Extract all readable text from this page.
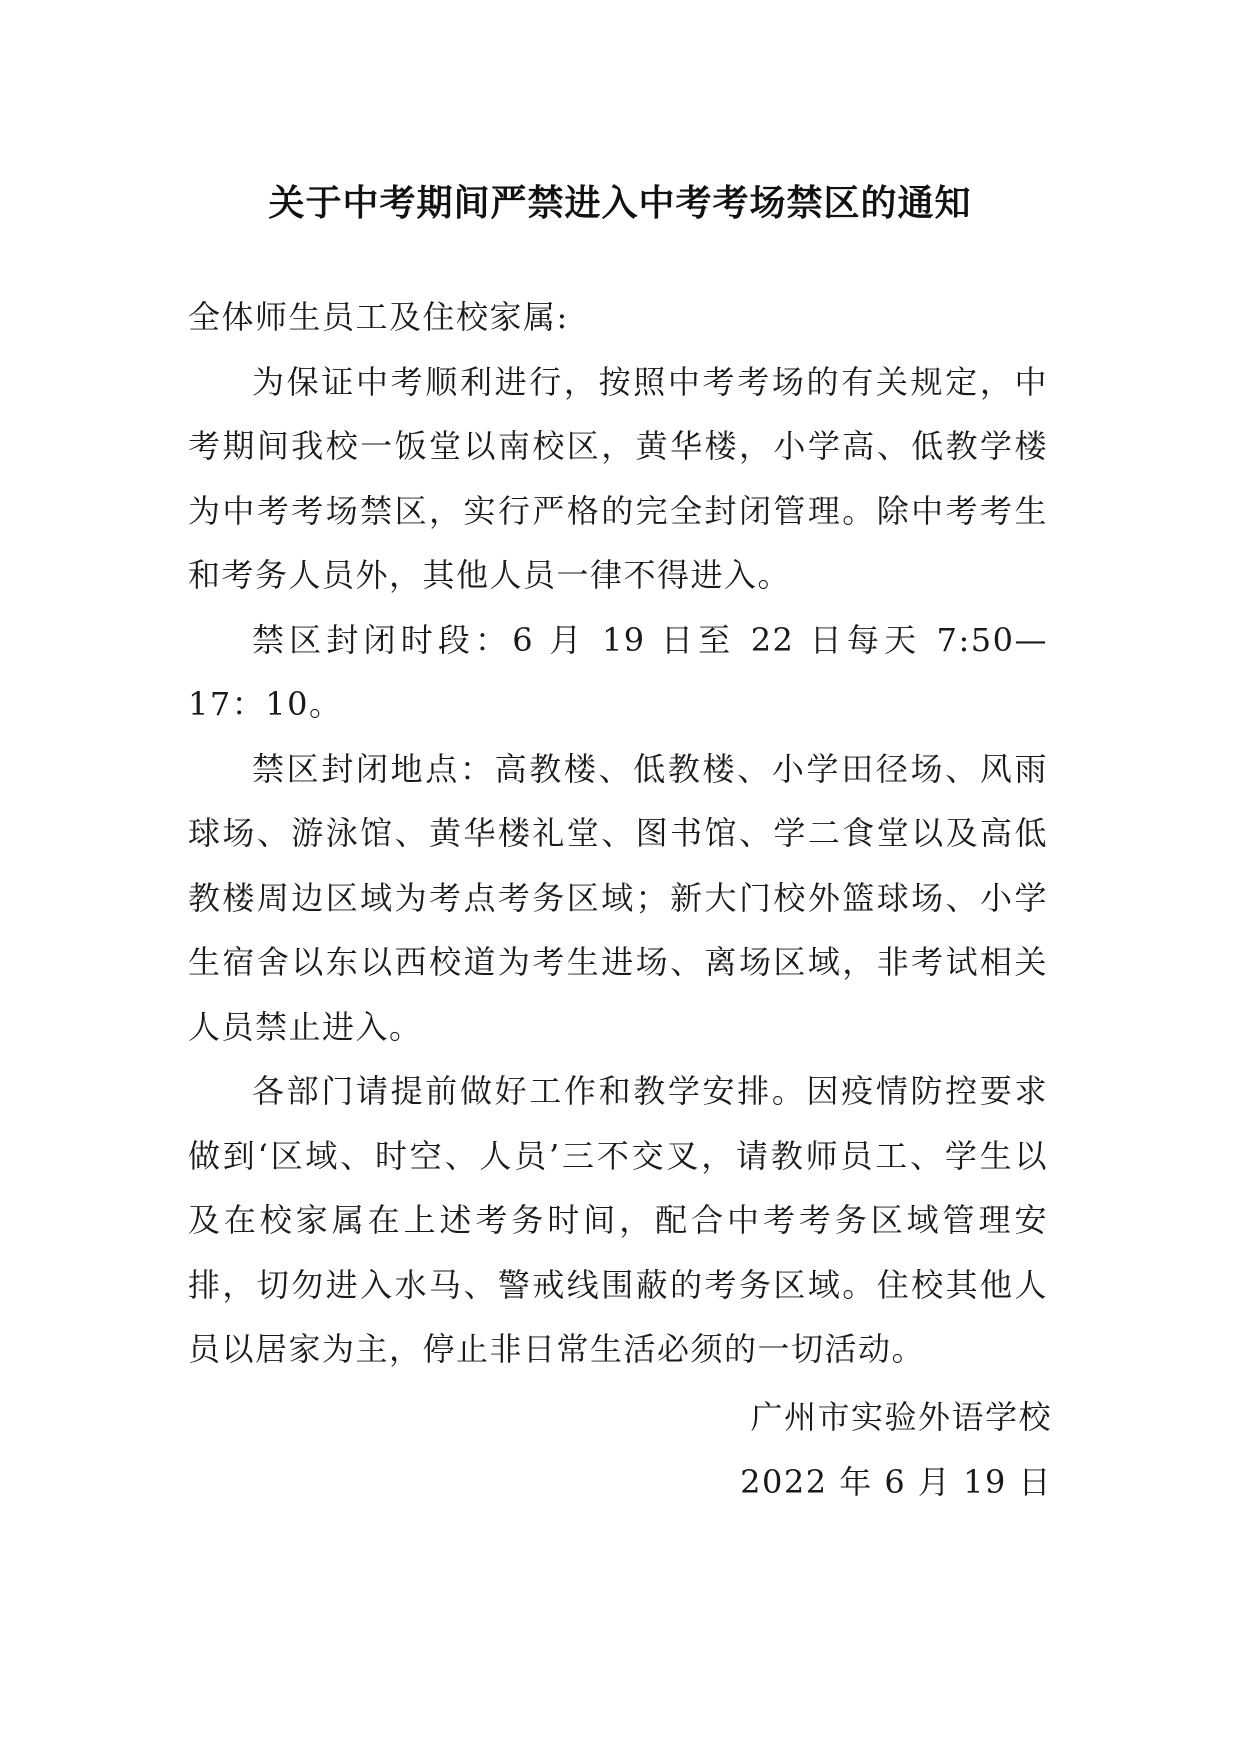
关于中考期间严禁进入中考考场禁区的通知

全体师生员工及住校家属:

为保证中考顺利进行，按照中考考场的有关规定，中考期间我校一饭堂以南校区，黄华楼，小学高、低教学楼为中考考场禁区，实行严格的完全封闭管理。除中考考生和考务人员外，其他人员一律不得进入。

禁区封闭时段：6 月 19 日至 22 日每天 7:50—17：10。

禁区封闭地点：高教楼、低教楼、小学田径场、风雨球场、游泳馆、黄华楼礼堂、图书馆、学二食堂以及高低教楼周边区域为考点考务区域；新大门校外篮球场、小学生宿舍以东以西校道为考生进场、离场区域，非考试相关人员禁止进入。

各部门请提前做好工作和教学安排。因疫情防控要求做到‘区域、时空、人员’三不交叉，请教师员工、学生以及在校家属在上述考务时间，配合中考考务区域管理安排，切勿进入水马、警戒线围蔽的考务区域。住校其他人员以居家为主，停止非日常生活必须的一切活动。

广州市实验外语学校
2022 年 6 月 19 日
